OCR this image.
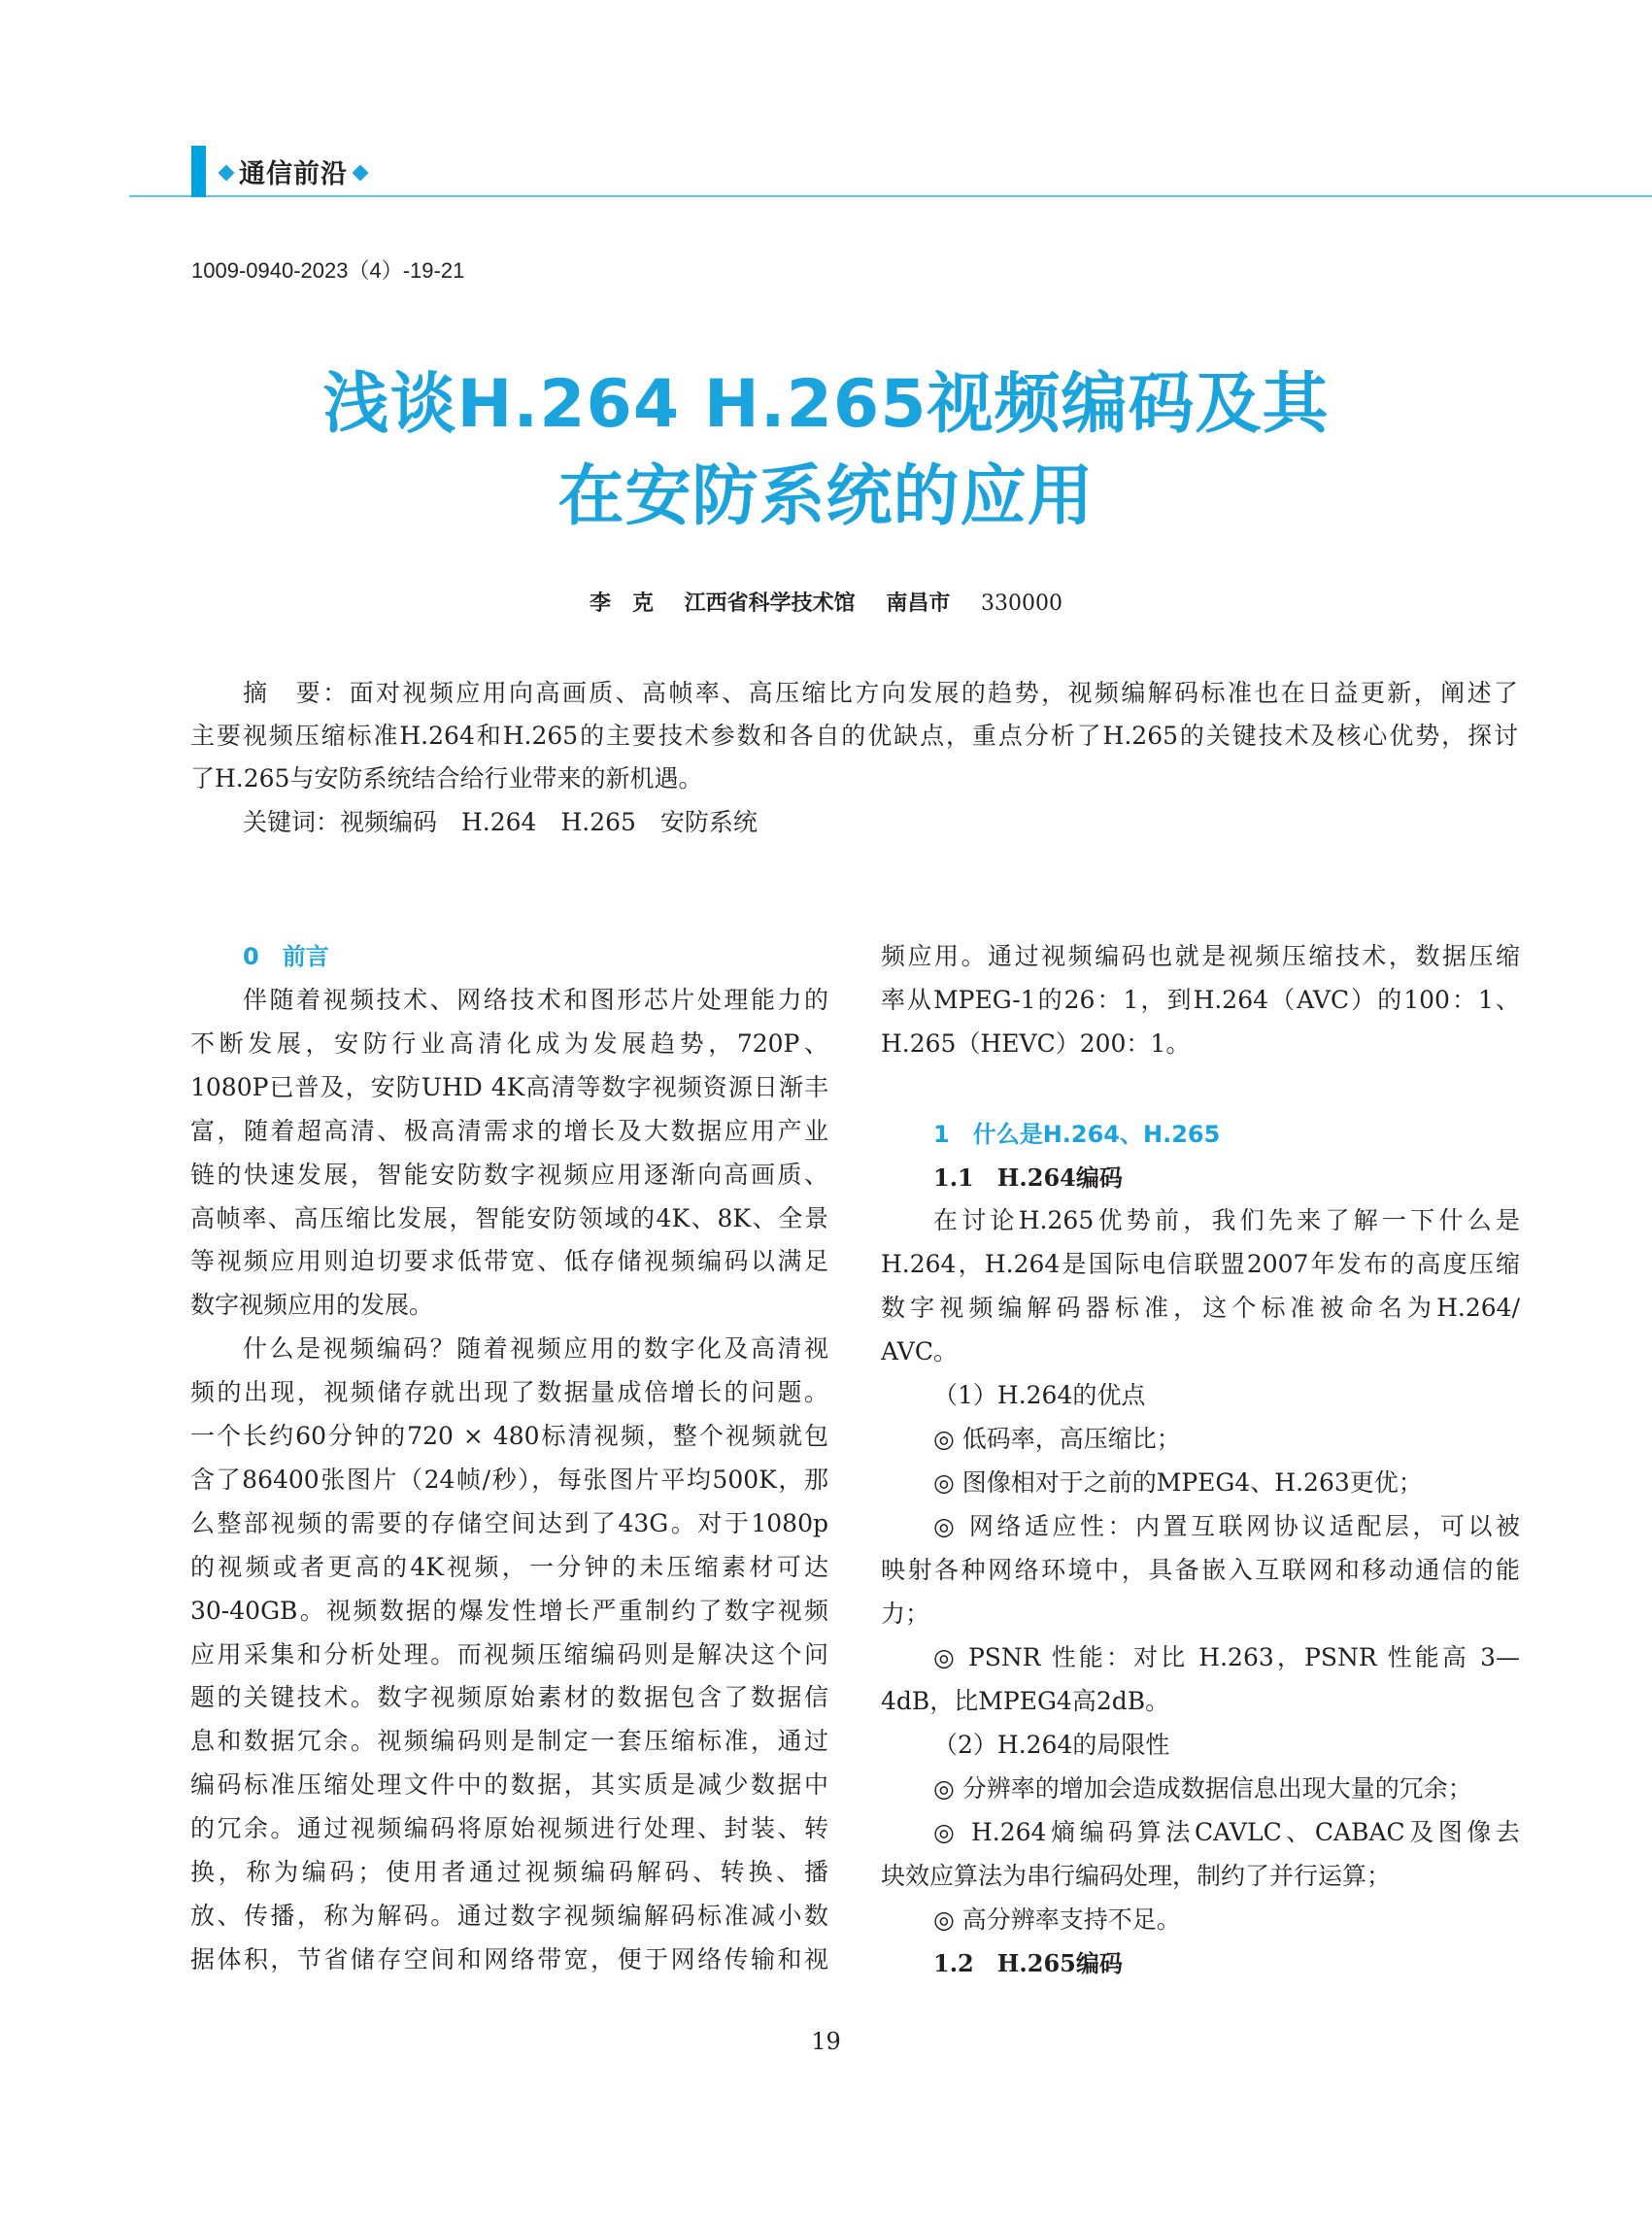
通信前沿
1009-0940-2023（4）-19-21
浅谈H.264 H.265视频编码及其
在安防系统的应用
李　克 江西省科学技术馆 南昌市 330000
摘　要：面对视频应用向高画质、高帧率、高压缩比方向发展的趋势，视频编解码标准也在日益更新，阐述了
主要视频压缩标准H.264和H.265的主要技术参数和各自的优缺点，重点分析了H.265的关键技术及核心优势，探讨
了H.265与安防系统结合给行业带来的新机遇。
关键词：视频编码　H.264　H.265　安防系统
0　前言
伴随着视频技术、网络技术和图形芯片处理能力的
不断发展，安防行业高清化成为发展趋势，720P、
1080P已普及，安防UHD 4K高清等数字视频资源日渐丰
富，随着超高清、极高清需求的增长及大数据应用产业
链的快速发展，智能安防数字视频应用逐渐向高画质、
高帧率、高压缩比发展，智能安防领域的4K、8K、全景
等视频应用则迫切要求低带宽、低存储视频编码以满足
数字视频应用的发展。
什么是视频编码？随着视频应用的数字化及高清视
频的出现，视频储存就出现了数据量成倍增长的问题。
一个长约60分钟的720 × 480标清视频，整个视频就包
含了86400张图片（24帧/秒），每张图片平均500K，那
么整部视频的需要的存储空间达到了43G。对于1080p
的视频或者更高的4K视频，一分钟的未压缩素材可达
30-40GB。视频数据的爆发性增长严重制约了数字视频
应用采集和分析处理。而视频压缩编码则是解决这个问
题的关键技术。数字视频原始素材的数据包含了数据信
息和数据冗余。视频编码则是制定一套压缩标准，通过
编码标准压缩处理文件中的数据，其实质是减少数据中
的冗余。通过视频编码将原始视频进行处理、封装、转
换，称为编码；使用者通过视频编码解码、转换、播
放、传播，称为解码。通过数字视频编解码标准减小数
据体积，节省储存空间和网络带宽，便于网络传输和视
频应用。通过视频编码也就是视频压缩技术，数据压缩
率从MPEG-1的26：1，到H.264（AVC）的100：1、
H.265（HEVC）200：1。
1　什么是H.264、H.265
1.1　H.264编码
在讨论H.265优势前，我们先来了解一下什么是
H.264，H.264是国际电信联盟2007年发布的高度压缩
数字视频编解码器标准，这个标准被命名为H.264/
AVC。
（1）H.264的优点
◎ 低码率，高压缩比；
◎ 图像相对于之前的MPEG4、H.263更优；
◎ 网络适应性：内置互联网协议适配层，可以被
映射各种网络环境中，具备嵌入互联网和移动通信的能
力；
◎ PSNR 性能：对比 H.263，PSNR 性能高 3—
4dB，比MPEG4高2dB。
（2）H.264的局限性
◎ 分辨率的增加会造成数据信息出现大量的冗余；
◎ H.264熵编码算法CAVLC、CABAC及图像去
块效应算法为串行编码处理，制约了并行运算；
◎ 高分辨率支持不足。
1.2　H.265编码
19
